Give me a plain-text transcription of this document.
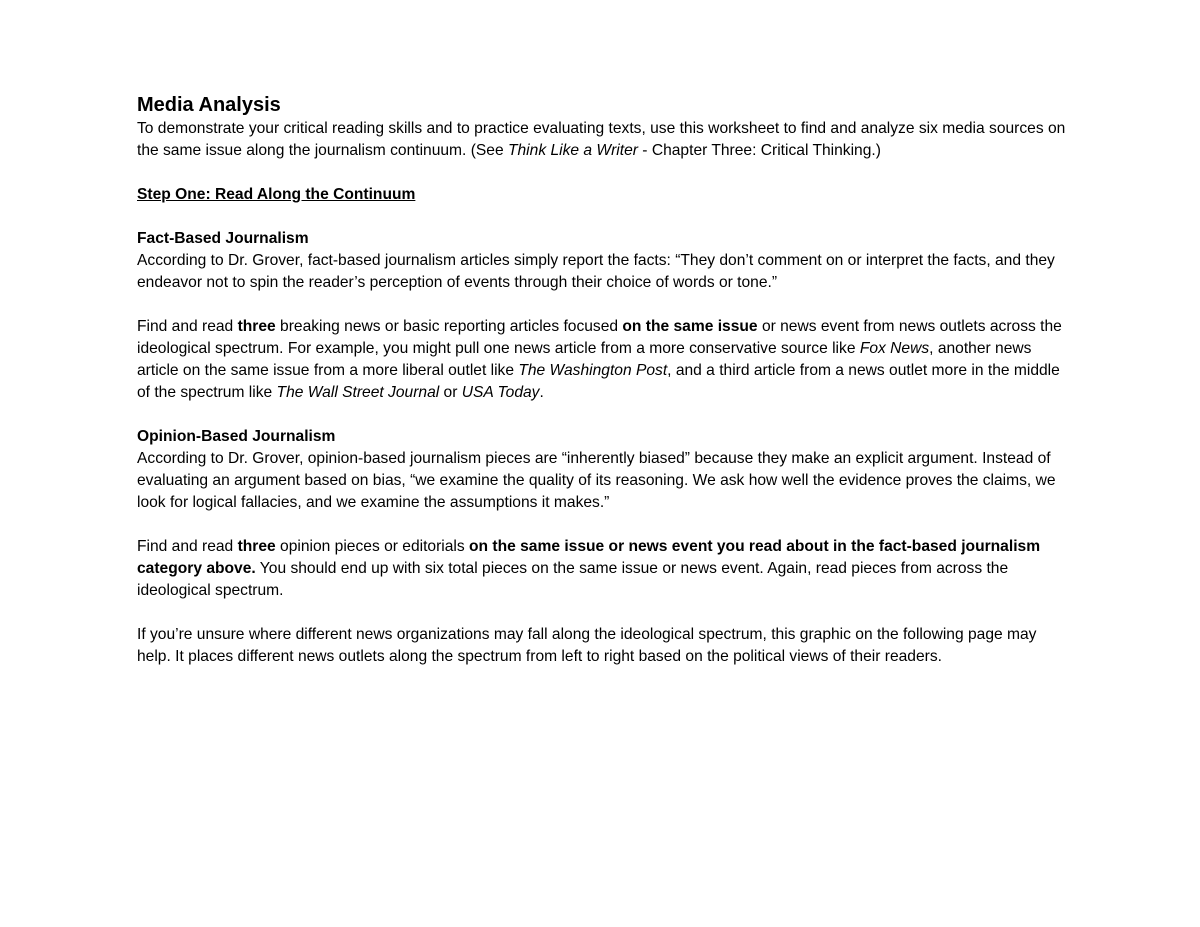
Media Analysis

To demonstrate your critical reading skills and to practice evaluating texts, use this worksheet to find and analyze six media sources on the same issue along the journalism continuum. (See Think Like a Writer - Chapter Three: Critical Thinking.)

Step One: Read Along the Continuum

Fact-Based Journalism

According to Dr. Grover, fact-based journalism articles simply report the facts: “They don’t comment on or interpret the facts, and they endeavor not to spin the reader’s perception of events through their choice of words or tone.”

Find and read three breaking news or basic reporting articles focused on the same issue or news event from news outlets across the ideological spectrum. For example, you might pull one news article from a more conservative source like Fox News, another news article on the same issue from a more liberal outlet like The Washington Post, and a third article from a news outlet more in the middle of the spectrum like The Wall Street Journal or USA Today.

Opinion-Based Journalism

According to Dr. Grover, opinion-based journalism pieces are “inherently biased” because they make an explicit argument. Instead of evaluating an argument based on bias, “we examine the quality of its reasoning. We ask how well the evidence proves the claims, we look for logical fallacies, and we examine the assumptions it makes.”

Find and read three opinion pieces or editorials on the same issue or news event you read about in the fact-based journalism category above. You should end up with six total pieces on the same issue or news event. Again, read pieces from across the ideological spectrum.

If you’re unsure where different news organizations may fall along the ideological spectrum, this graphic on the following page may help. It places different news outlets along the spectrum from left to right based on the political views of their readers.
